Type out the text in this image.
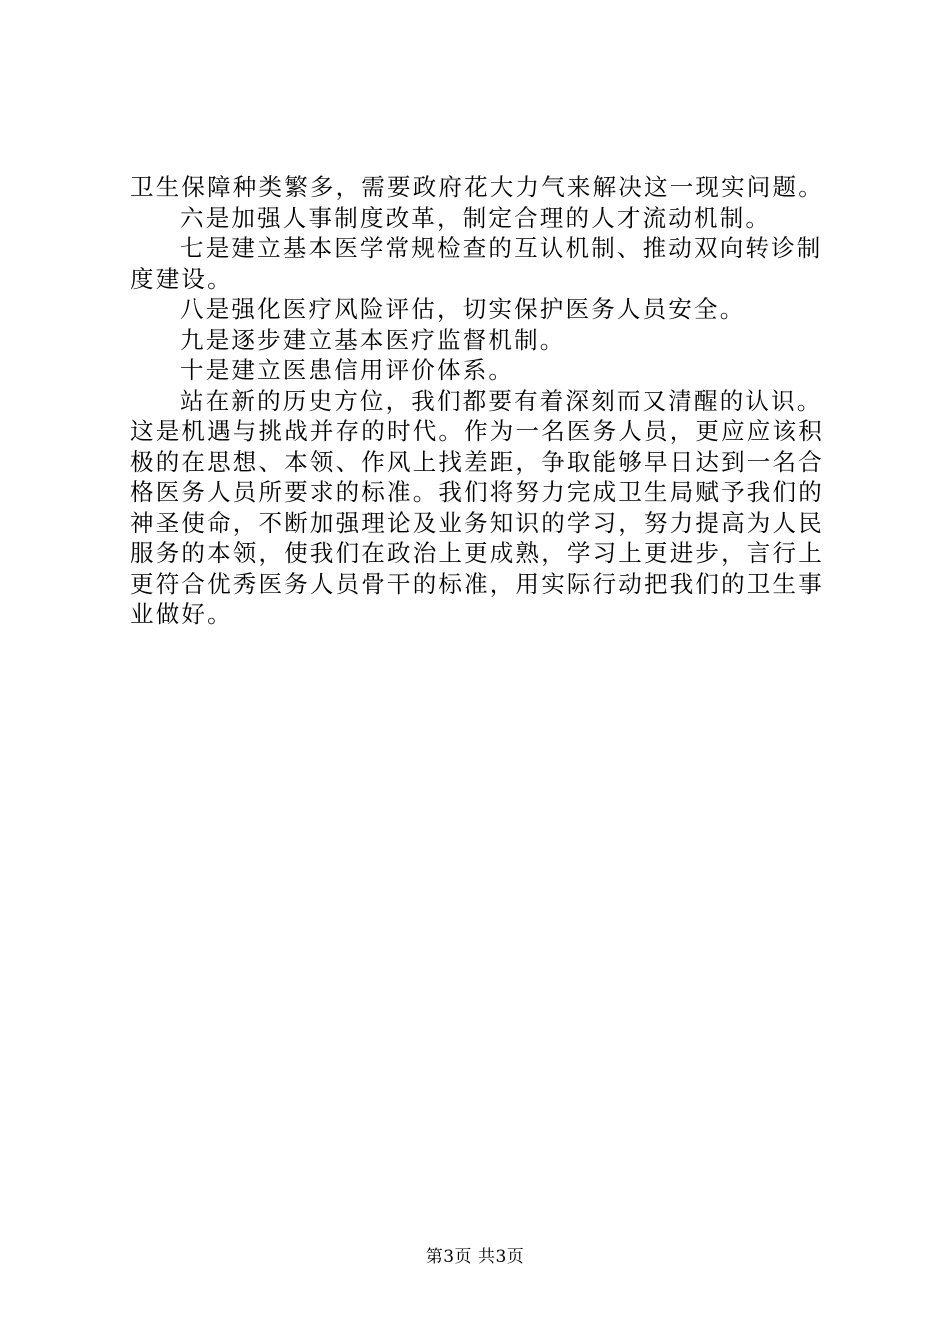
卫生保障种类繁多，需要政府花大力气来解决这一现实问题。
六是加强人事制度改革，制定合理的人才流动机制。
七是建立基本医学常规检查的互认机制、推动双向转诊制
度建设。
八是强化医疗风险评估，切实保护医务人员安全。
九是逐步建立基本医疗监督机制。
十是建立医患信用评价体系。
站在新的历史方位，我们都要有着深刻而又清醒的认识。
这是机遇与挑战并存的时代。作为一名医务人员，更应应该积
极的在思想、本领、作风上找差距，争取能够早日达到一名合
格医务人员所要求的标准。我们将努力完成卫生局赋予我们的
神圣使命，不断加强理论及业务知识的学习，努力提高为人民
服务的本领，使我们在政治上更成熟，学习上更进步，言行上
更符合优秀医务人员骨干的标准，用实际行动把我们的卫生事
业做好。
第3页 共3页
